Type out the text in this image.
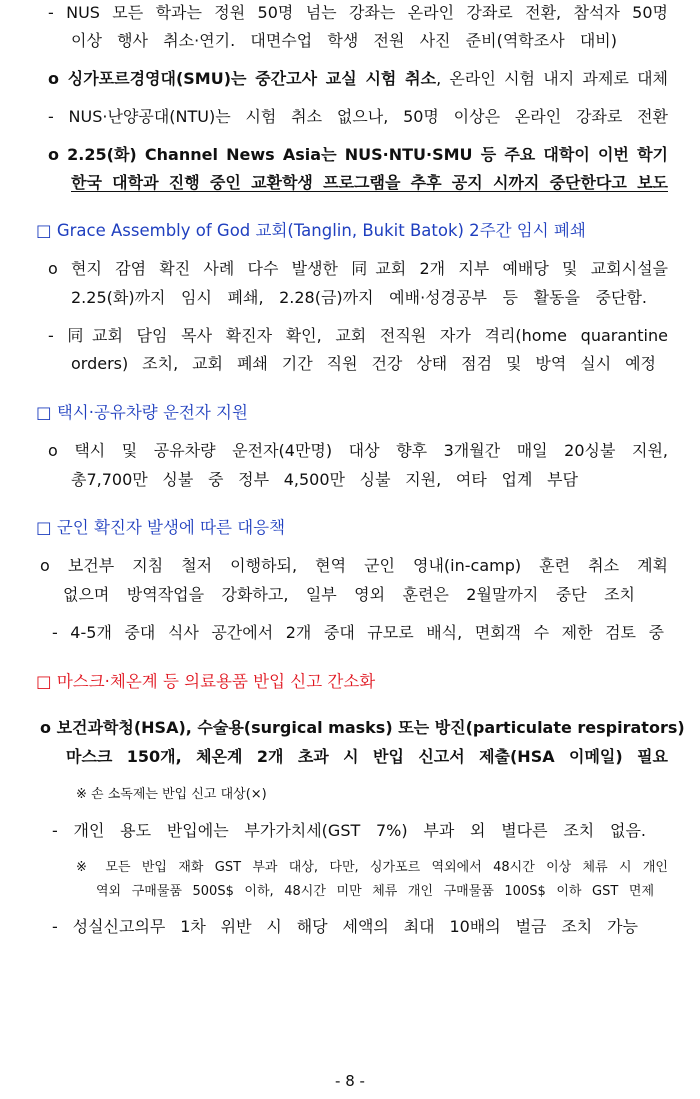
- NUS 모든 학과는 정원 50명 넘는 강좌는 온라인 강좌로 전환, 참석자 50명
이상 행사 취소·연기. 대면수업 학생 전원 사진 준비(역학조사 대비)
o 싱가포르경영대(SMU)는 중간고사 교실 시험 취소, 온라인 시험 내지 과제로 대체
- NUS·난양공대(NTU)는 시험 취소 없으나, 50명 이상은 온라인 강좌로 전환
o 2.25(화) Channel News Asia는 NUS·NTU·SMU 등 주요 대학이 이번 학기
한국 대학과 진행 중인 교환학생 프로그램을 추후 공지 시까지 중단한다고 보도
□ Grace Assembly of God 교회(Tanglin, Bukit Batok) 2주간 임시 폐쇄
o 현지 감염 확진 사례 다수 발생한 同교회 2개 지부 예배당 및 교회시설을
2.25(화)까지 임시 폐쇄, 2.28(금)까지 예배·성경공부 등 활동을 중단함.
- 同교회 담임 목사 확진자 확인, 교회 전직원 자가 격리(home quarantine
orders) 조치, 교회 폐쇄 기간 직원 건강 상태 점검 및 방역 실시 예정
□ 택시·공유차량 운전자 지원
o 택시 및 공유차량 운전자(4만명) 대상 향후 3개월간 매일 20싱불 지원,
총7,700만 싱불 중 정부 4,500만 싱불 지원, 여타 업계 부담
□ 군인 확진자 발생에 따른 대응책
o 보건부 지침 철저 이행하되, 현역 군인 영내(in-camp) 훈련 취소 계획
없으며 방역작업을 강화하고, 일부 영외 훈련은 2월말까지 중단 조치
- 4-5개 중대 식사 공간에서 2개 중대 규모로 배식, 면회객 수 제한 검토 중
□ 마스크·체온계 등 의료용품 반입 신고 간소화
o 보건과학청(HSA), 수술용(surgical masks) 또는 방진(particulate respirators)
마스크 150개, 체온계 2개 초과 시 반입 신고서 제출(HSA 이메일) 필요
※ 손 소독제는 반입 신고 대상(×)
- 개인 용도 반입에는 부가가치세(GST 7%) 부과 외 별다른 조치 없음.
※ 모든 반입 재화 GST 부과 대상, 다만, 싱가포르 역외에서 48시간 이상 체류 시 개인
역외 구매물품 500S$ 이하, 48시간 미만 체류 개인 구매물품 100S$ 이하 GST 면제
- 성실신고의무 1차 위반 시 해당 세액의 최대 10배의 벌금 조치 가능
- 8 -
